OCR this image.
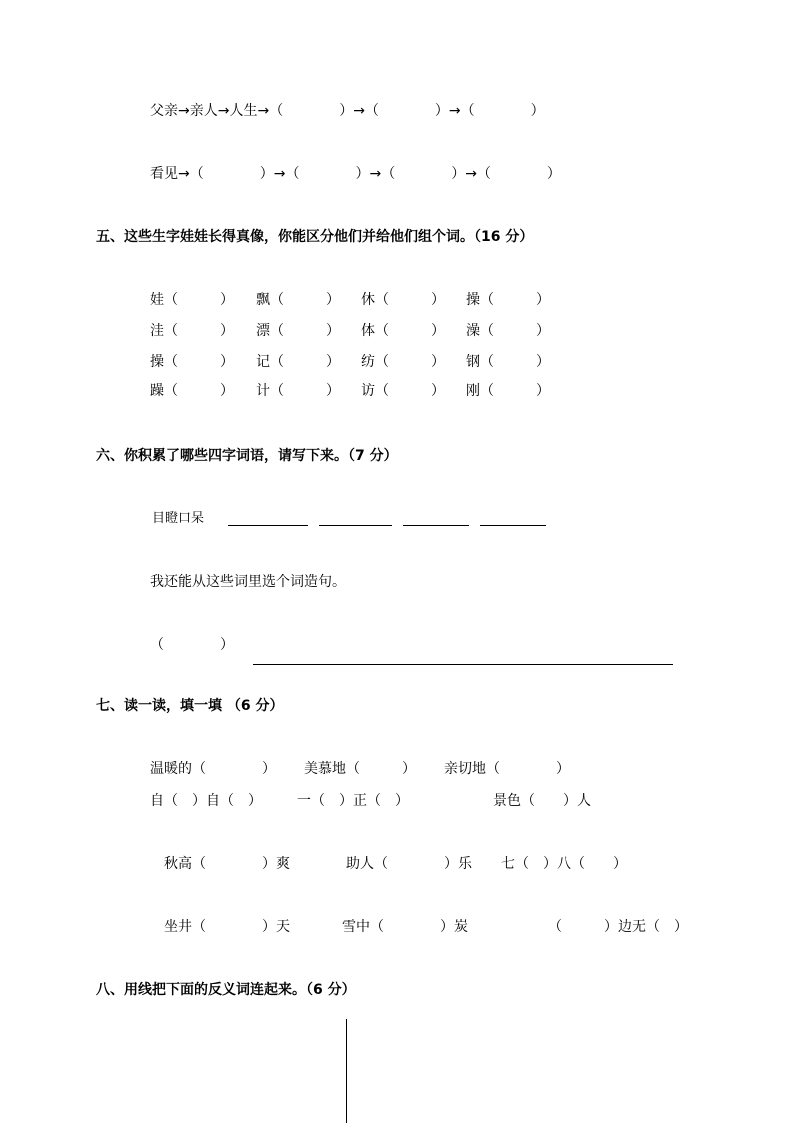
父亲→亲人→人生→（　　　　）→（　　　　）→（　　　　）
看见→（　　　　）→（　　　　）→（　　　　）→（　　　　）
五、这些生字娃娃长得真像，你能区分他们并给他们组个词。（16 分）
娃（　　　） 飘（　　　） 休（　　　） 操（　　　）
洼（　　　） 漂（　　　） 体（　　　） 澡（　　　）
操（　　　） 记（　　　） 纺（　　　） 钢（　　　）
躁（　　　） 计（　　　） 访（　　　） 刚（　　　）
六、你积累了哪些四字词语，请写下来。（7 分）
目瞪口呆
我还能从这些词里选个词造句。
（　　　　）
七、读一读，填一填 （6 分）
温暖的（　　　　） 美慕地（　　　） 亲切地（　　　　）
自（　）自（　）	一（　）正（　）	景色（　　）人
秋高（　　　　）爽	助人（　　　　）乐 七（　）八（　　）
坐井（　　　　）天	雪中（　　　　）炭	（　　　）边无（　）
八、用线把下面的反义词连起来。（6 分）
